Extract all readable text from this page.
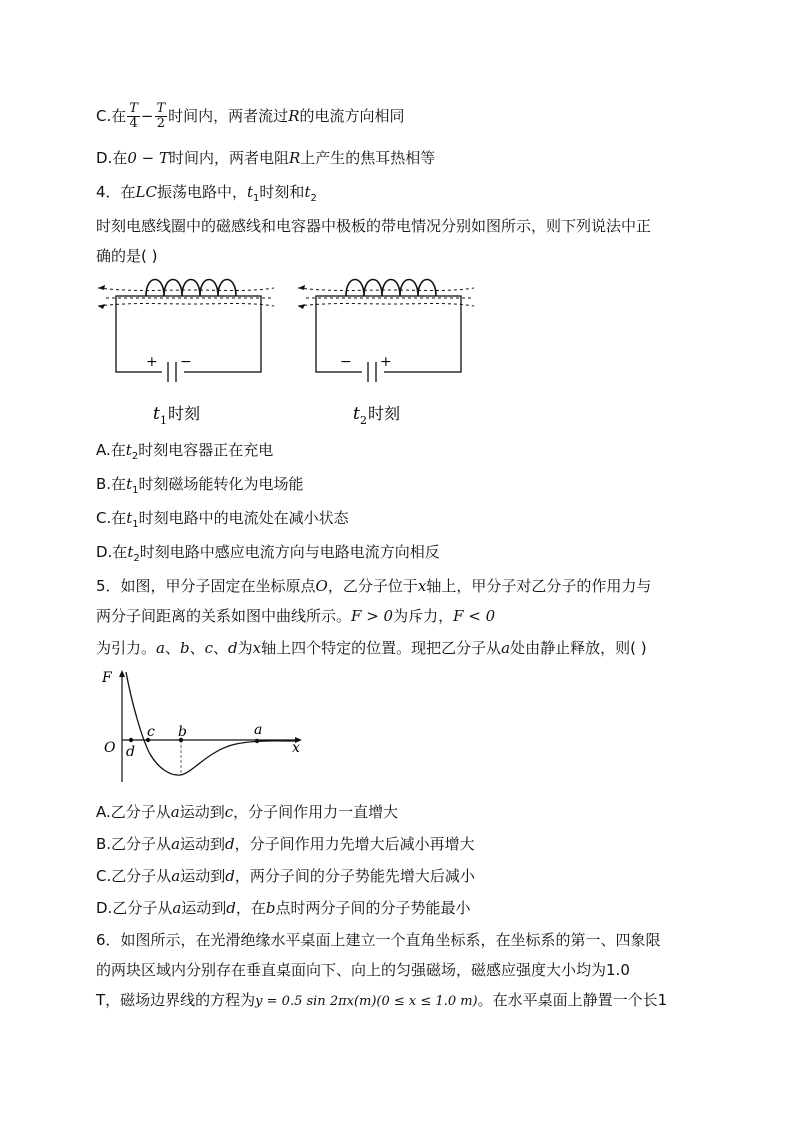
C.在 $\frac{T}{4} - \frac{T}{2}$ 时间内，两者流过R的电流方向相同
D.在0 − T时间内，两者电阻R上产生的焦耳热相等
4．在LC振荡电路中，$t_1$时刻和$t_2$
时刻电感线圈中的磁感线和电容器中极板的带电情况分别如图所示，则下列说法中正
确的是( )
+ −
t 1 时刻
− +
t 2 时刻
A.在$t_2$时刻电容器正在充电
B.在$t_1$时刻磁场能转化为电场能
C.在$t_1$时刻电路中的电流处在减小状态
D.在$t_2$时刻电路中感应电流方向与电路电流方向相反
5．如图，甲分子固定在坐标原点O，乙分子位于x轴上，甲分子对乙分子的作用力与
两分子间距离的关系如图中曲线所示。F > 0为斥力，F < 0
为引力。a、b、c、d为x轴上四个特定的位置。现把乙分子从a处由静止释放，则( )
F
O	x
d
c b	a
A.乙分子从a运动到c，分子间作用力一直增大
B.乙分子从a运动到d，分子间作用力先增大后减小再增大
C.乙分子从a运动到d，两分子间的分子势能先增大后减小
D.乙分子从a运动到d，在b点时两分子间的分子势能最小
6．如图所示，在光滑绝缘水平桌面上建立一个直角坐标系，在坐标系的第一、四象限
的两块区域内分别存在垂直桌面向下、向上的匀强磁场，磁感应强度大小均为1.0
T，磁场边界线的方程为y = 0.5 sin 2πx(m)(0 ≤ x ≤ 1.0 m)。在水平桌面上静置一个长1
